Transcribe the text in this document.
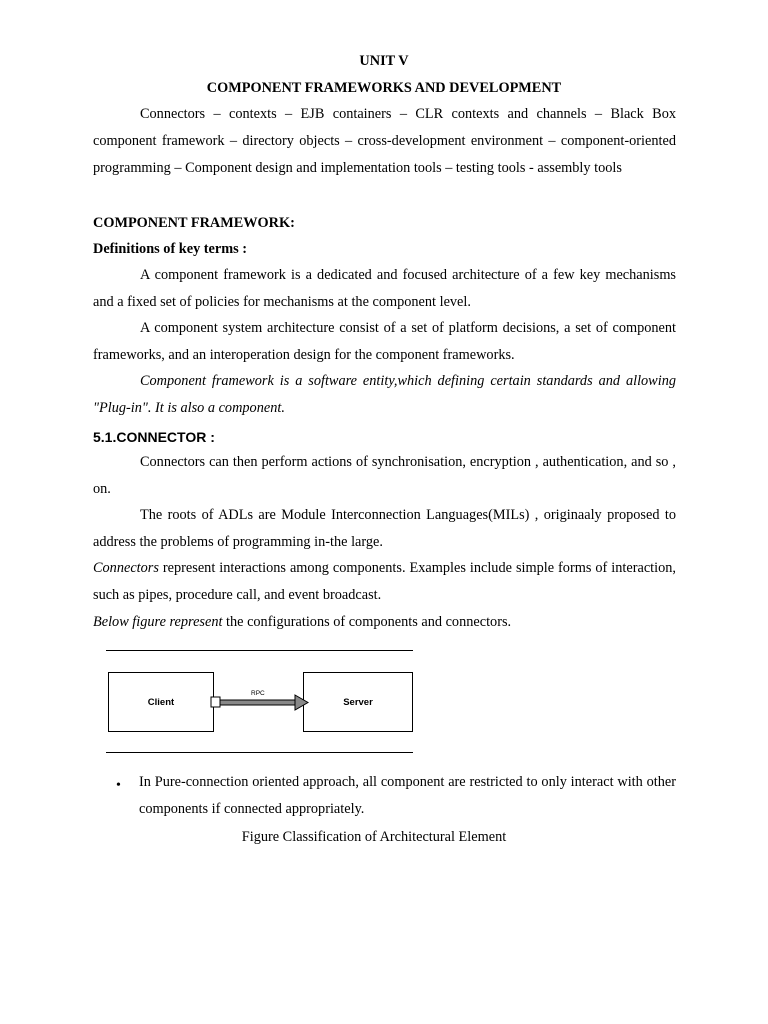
UNIT V
COMPONENT FRAMEWORKS AND DEVELOPMENT
Connectors – contexts – EJB containers – CLR contexts and channels – Black Box component framework – directory objects – cross-development environment – component-oriented programming – Component design and implementation tools – testing tools - assembly tools
COMPONENT FRAMEWORK:
Definitions of key terms :
A component framework is a dedicated and focused architecture of a few key mechanisms and a fixed set of policies for mechanisms at the component level.
A component system architecture consist of a set of platform decisions, a set of component frameworks, and an interoperation design for the component frameworks.
Component framework is a software entity,which defining certain standards and allowing "Plug-in". It is also a component.
5.1.CONNECTOR :
Connectors can then perform actions of synchronisation, encryption , authentication, and so , on.
The roots of ADLs are Module Interconnection Languages(MILs) , originaaly proposed to address the problems of programming in-the large.
Connectors represent interactions among components. Examples include simple forms of interaction, such as pipes, procedure call, and event broadcast.
Below figure represent the configurations of components and connectors.
Client	Server
RPC
• In Pure-connection oriented approach, all component are restricted to only interact with other components if connected appropriately.
Figure Classification of Architectural Element
